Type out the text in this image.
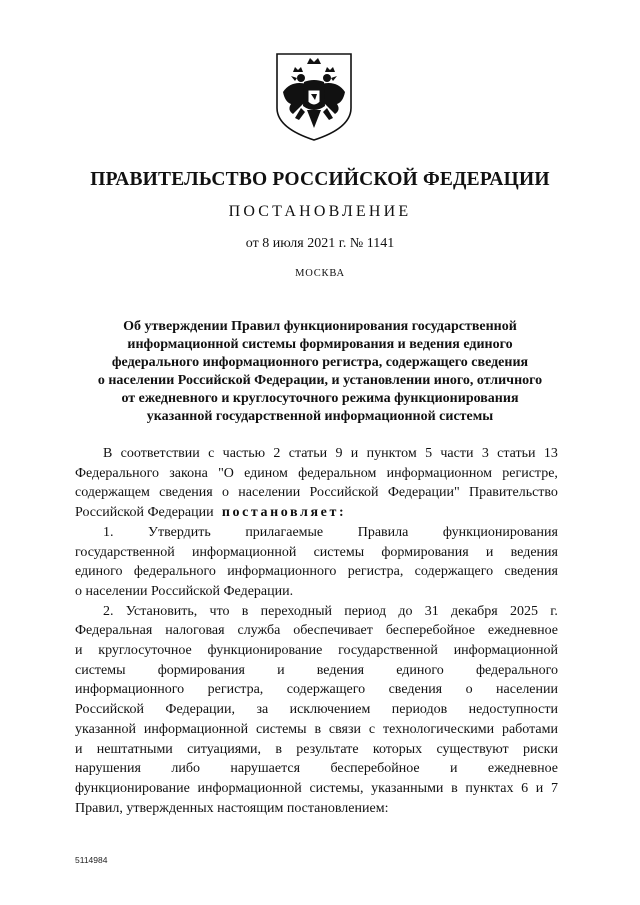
ПРАВИТЕЛЬСТВО РОССИЙСКОЙ ФЕДЕРАЦИИ
ПОСТАНОВЛЕНИЕ
от 8 июля 2021 г. № 1141
МОСКВА
Об утверждении Правил функционирования государственной
информационной системы формирования и ведения единого
федерального информационного регистра, содержащего сведения
о населении Российской Федерации, и установлении иного, отличного
от ежедневного и круглосуточного режима функционирования
указанной государственной информационной системы
В соответствии с частью 2 статьи 9 и пунктом 5 части 3 статьи 13
Федерального закона "О едином федеральном информационном регистре,
содержащем сведения о населении Российской Федерации" Правительство
Российской Федерации постановляет:
1. Утвердить прилагаемые Правила функционирования
государственной информационной системы формирования и ведения
единого федерального информационного регистра, содержащего сведения
о населении Российской Федерации.
2. Установить, что в переходный период до 31 декабря 2025 г.
Федеральная налоговая служба обеспечивает бесперебойное ежедневное
и круглосуточное функционирование государственной информационной
системы формирования и ведения единого федерального
информационного регистра, содержащего сведения о населении
Российской Федерации, за исключением периодов недоступности
указанной информационной системы в связи с технологическими работами
и нештатными ситуациями, в результате которых существуют риски
нарушения либо нарушается бесперебойное и ежедневное
функционирование информационной системы, указанными в пунктах 6 и 7
Правил, утвержденных настоящим постановлением:
5114984
